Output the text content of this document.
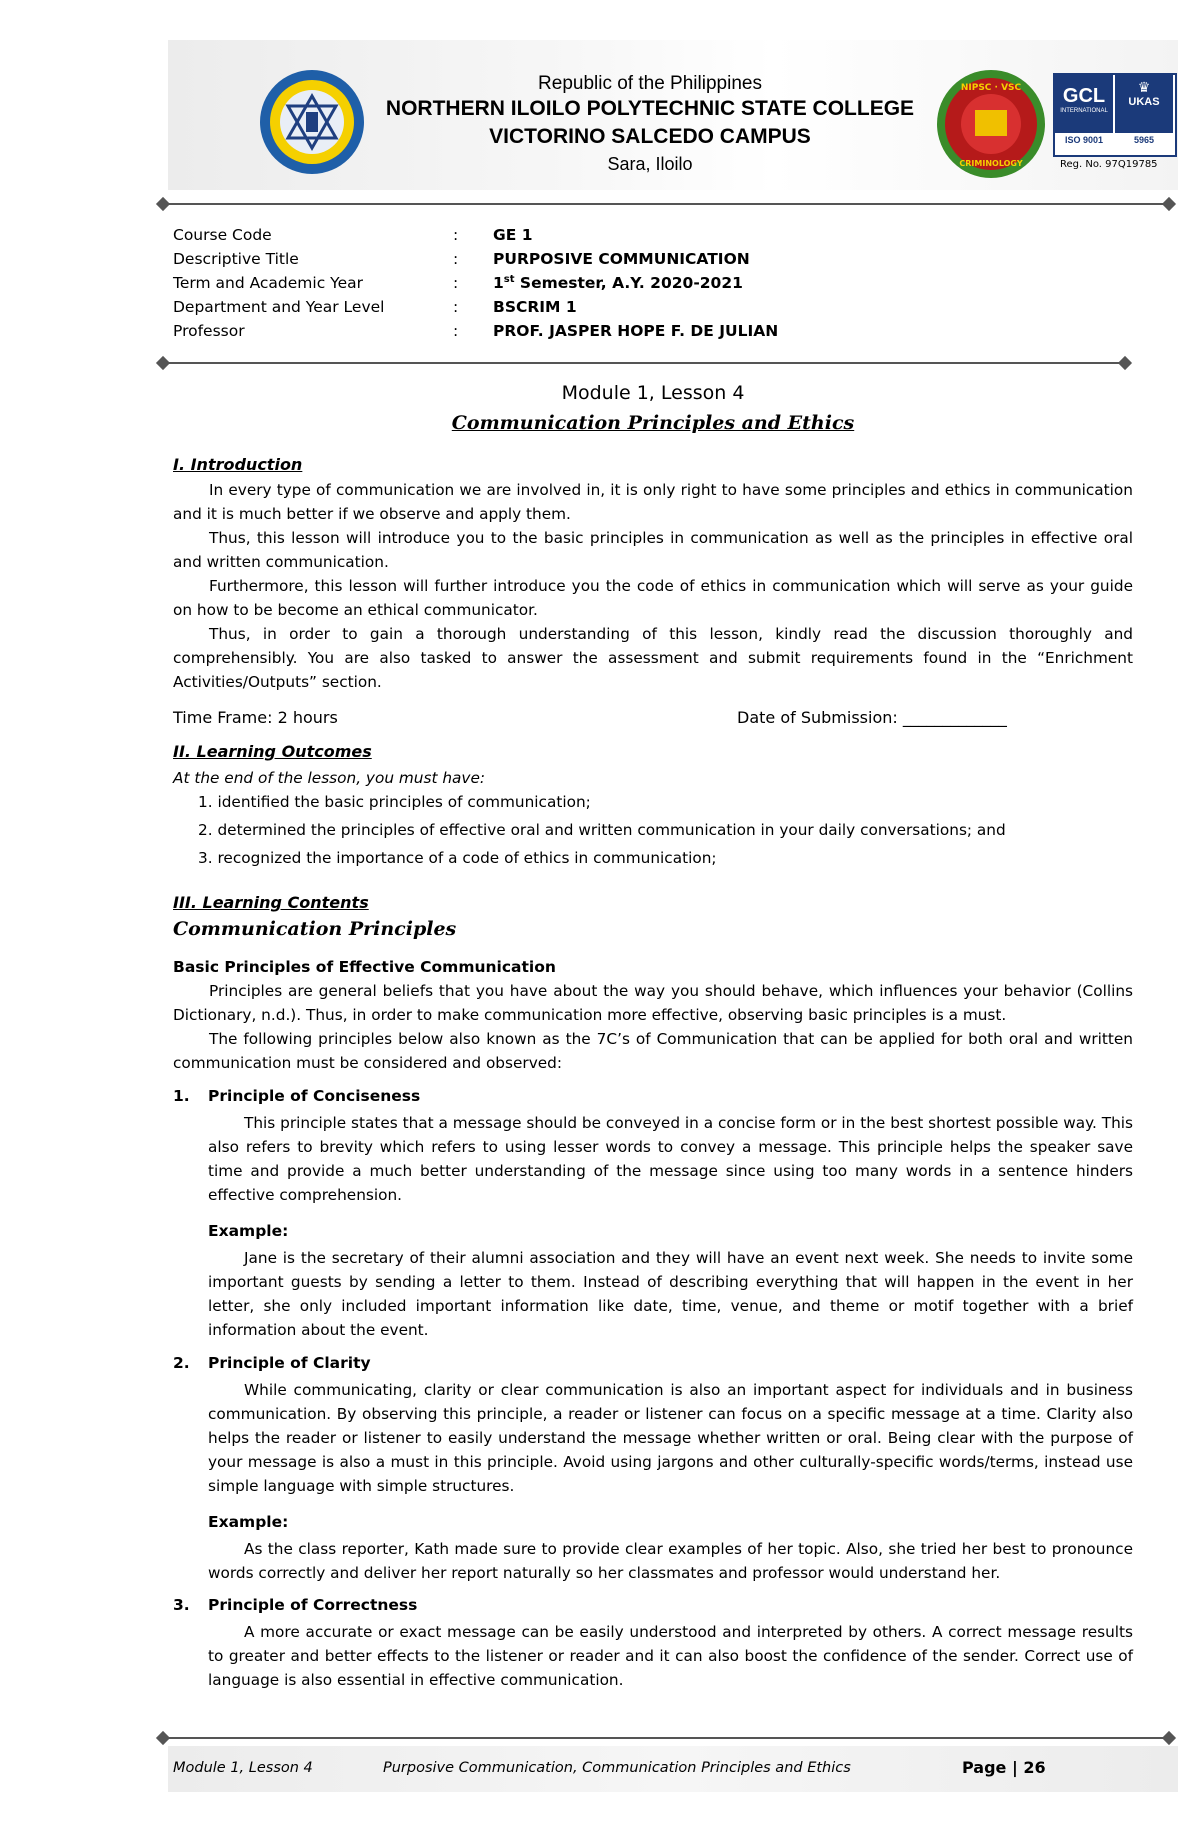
Republic of the Philippines
NORTHERN ILOILO POLYTECHNIC STATE COLLEGE
VICTORINO SALCEDO CAMPUS
Sara, Iloilo
NIPSC · VSC
CRIMINOLOGY
GCL
INTERNATIONAL
♛
UKAS
ISO 9001	5965
Reg. No. 97Q19785
Course Code	: GE 1
Descriptive Title	: PURPOSIVE COMMUNICATION
Term and Academic Year	: 1st Semester, A.Y. 2020-2021
Department and Year Level	: BSCRIM 1
Professor	: PROF. JASPER HOPE F. DE JULIAN
Module 1, Lesson 4
Communication Principles and Ethics
I. Introduction

In every type of communication we are involved in, it is only right to have some principles and ethics in communication and it is much better if we observe and apply them.

Thus, this lesson will introduce you to the basic principles in communication as well as the principles in effective oral and written communication.

Furthermore, this lesson will further introduce you the code of ethics in communication which will serve as your guide on how to be become an ethical communicator.

Thus, in order to gain a thorough understanding of this lesson, kindly read the discussion thoroughly and comprehensibly. You are also tasked to answer the assessment and submit requirements found in the “Enrichment Activities/Outputs” section.

Time Frame: 2 hours	Date of Submission: _____________
II. Learning Outcomes
At the end of the lesson, you must have:
1. identified the basic principles of communication;
2. determined the principles of effective oral and written communication in your daily conversations; and
3. recognized the importance of a code of ethics in communication;
III. Learning Contents
Communication Principles
Basic Principles of Effective Communication

Principles are general beliefs that you have about the way you should behave, which influences your behavior (Collins Dictionary, n.d.). Thus, in order to make communication more effective, observing basic principles is a must.

The following principles below also known as the 7C’s of Communication that can be applied for both oral and written communication must be considered and observed:

1. Principle of Conciseness

This principle states that a message should be conveyed in a concise form or in the best shortest possible way. This also refers to brevity which refers to using lesser words to convey a message. This principle helps the speaker save time and provide a much better understanding of the message since using too many words in a sentence hinders effective comprehension.

Example:

Jane is the secretary of their alumni association and they will have an event next week. She needs to invite some important guests by sending a letter to them. Instead of describing everything that will happen in the event in her letter, she only included important information like date, time, venue, and theme or motif together with a brief information about the event.

2. Principle of Clarity

While communicating, clarity or clear communication is also an important aspect for individuals and in business communication. By observing this principle, a reader or listener can focus on a specific message at a time. Clarity also helps the reader or listener to easily understand the message whether written or oral. Being clear with the purpose of your message is also a must in this principle. Avoid using jargons and other culturally-specific words/terms, instead use simple language with simple structures.

Example:

As the class reporter, Kath made sure to provide clear examples of her topic. Also, she tried her best to pronounce words correctly and deliver her report naturally so her classmates and professor would understand her.

3. Principle of Correctness

A more accurate or exact message can be easily understood and interpreted by others. A correct message results to greater and better effects to the listener or reader and it can also boost the confidence of the sender. Correct use of language is also essential in effective communication.

Module 1, Lesson 4	Purposive Communication, Communication Principles and Ethics	Page | 26
